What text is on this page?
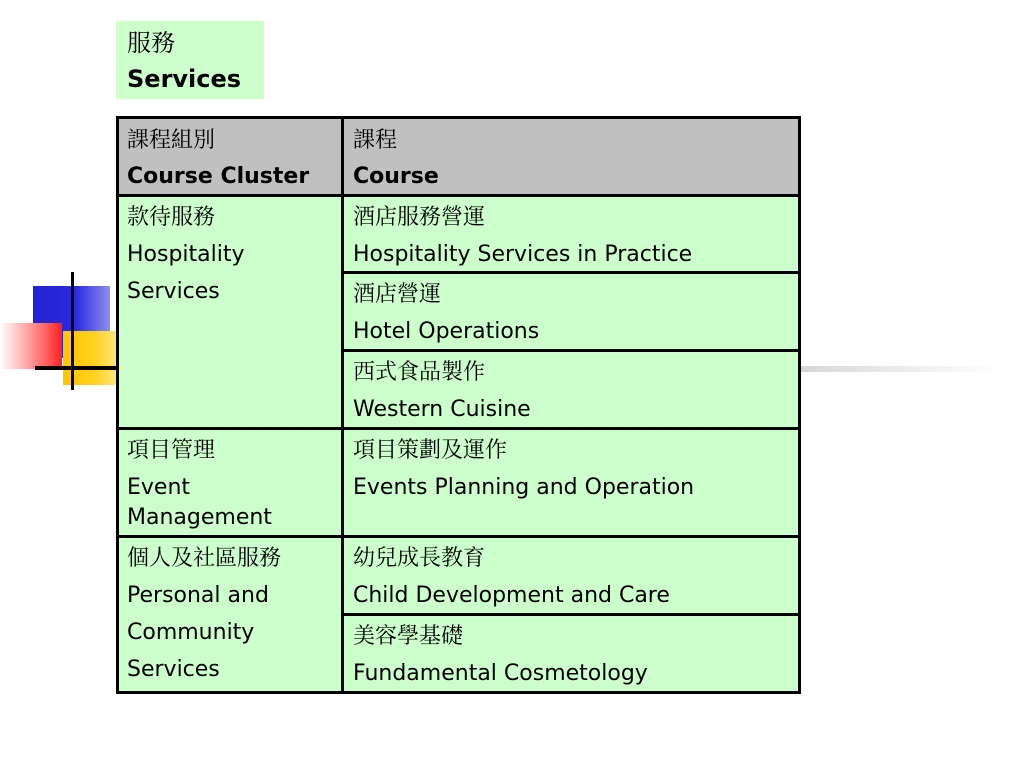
服務
Services
課程組別
Course Cluster
課程
Course
款待服務
Hospitality
Services
酒店服務營運
Hospitality Services in Practice
酒店營運
Hotel Operations
西式食品製作
Western Cuisine
項目管理
Event Management
項目策劃及運作
Events Planning and Operation
個人及社區服務
Personal and
Community
Services
幼兒成長教育
Child Development and Care
美容學基礎
Fundamental Cosmetology
